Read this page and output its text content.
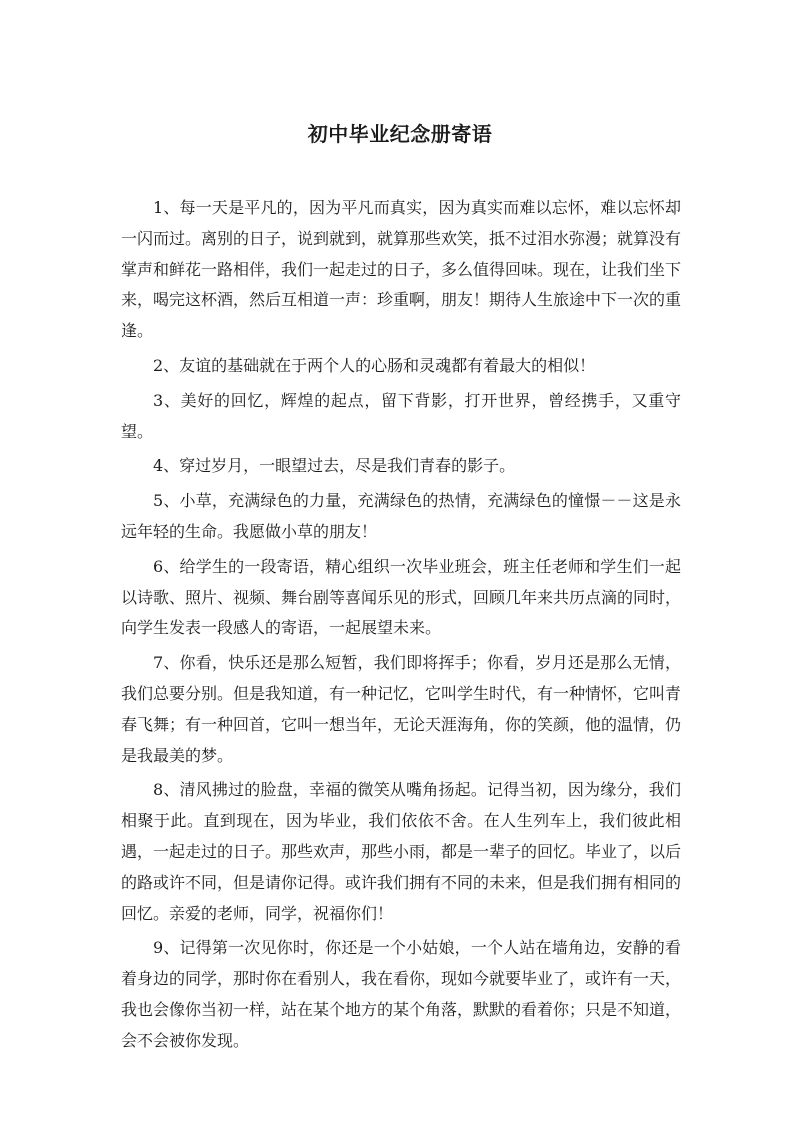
初中毕业纪念册寄语

1、每一天是平凡的，因为平凡而真实，因为真实而难以忘怀，难以忘怀却一闪而过。离别的日子，说到就到，就算那些欢笑，抵不过泪水弥漫；就算没有掌声和鲜花一路相伴，我们一起走过的日子，多么值得回味。现在，让我们坐下来，喝完这杯酒，然后互相道一声：珍重啊，朋友！期待人生旅途中下一次的重逢。

2、友谊的基础就在于两个人的心肠和灵魂都有着最大的相似！

3、美好的回忆，辉煌的起点，留下背影，打开世界，曾经携手，又重守望。

4、穿过岁月，一眼望过去，尽是我们青春的影子。

5、小草，充满绿色的力量，充满绿色的热情，充满绿色的憧憬－－这是永远年轻的生命。我愿做小草的朋友！

6、给学生的一段寄语，精心组织一次毕业班会，班主任老师和学生们一起以诗歌、照片、视频、舞台剧等喜闻乐见的形式，回顾几年来共历点滴的同时，向学生发表一段感人的寄语，一起展望未来。

7、你看，快乐还是那么短暂，我们即将挥手；你看，岁月还是那么无情，我们总要分别。但是我知道，有一种记忆，它叫学生时代，有一种情怀，它叫青春飞舞；有一种回首，它叫一想当年，无论天涯海角，你的笑颜，他的温情，仍是我最美的梦。

8、清风拂过的脸盘，幸福的微笑从嘴角扬起。记得当初，因为缘分，我们相聚于此。直到现在，因为毕业，我们依依不舍。在人生列车上，我们彼此相遇，一起走过的日子。那些欢声，那些小雨，都是一辈子的回忆。毕业了，以后的路或许不同，但是请你记得。或许我们拥有不同的未来，但是我们拥有相同的回忆。亲爱的老师，同学，祝福你们！

9、记得第一次见你时，你还是一个小姑娘，一个人站在墙角边，安静的看着身边的同学，那时你在看别人，我在看你，现如今就要毕业了，或许有一天，我也会像你当初一样，站在某个地方的某个角落，默默的看着你；只是不知道，会不会被你发现。
